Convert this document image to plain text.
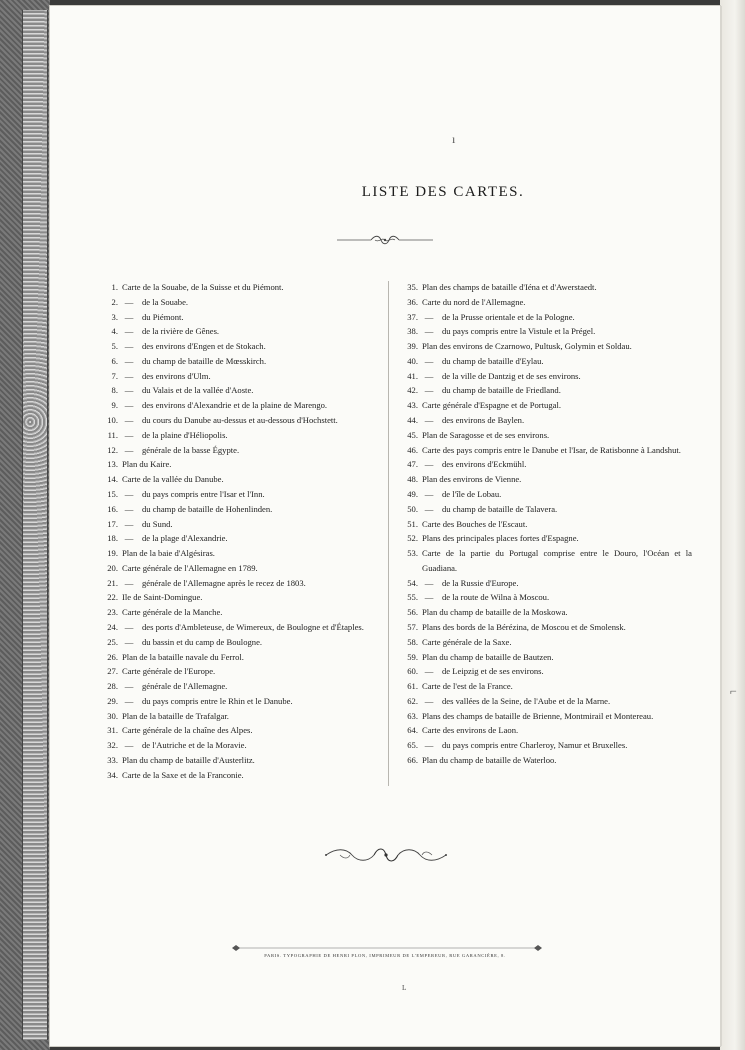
⌐
ı
LISTE DES CARTES.
1. Carte de la Souabe, de la Suisse et du Piémont.
2. — de la Souabe.
3. — du Piémont.
4. — de la rivière de Gênes.
5. — des environs d'Engen et de Stokach.
6. — du champ de bataille de Mœsskirch.
7. — des environs d'Ulm.
8. — du Valais et de la vallée d'Aoste.
9. — des environs d'Alexandrie et de la plaine de Marengo.
10. — du cours du Danube au-dessus et au-dessous d'Hochstett.
11. — de la plaine d'Héliopolis.
12. — générale de la basse Égypte.
13. Plan du Kaire.
14. Carte de la vallée du Danube.
15. — du pays compris entre l'Isar et l'Inn.
16. — du champ de bataille de Hohenlinden.
17. — du Sund.
18. — de la plage d'Alexandrie.
19. Plan de la baie d'Algésiras.
20. Carte générale de l'Allemagne en 1789.
21. — générale de l'Allemagne après le recez de 1803.
22. Ile de Saint-Domingue.
23. Carte générale de la Manche.
24. — des ports d'Ambleteuse, de Wimereux, de Boulogne et d'Étaples.
25. — du bassin et du camp de Boulogne.
26. Plan de la bataille navale du Ferrol.
27. Carte générale de l'Europe.
28. — générale de l'Allemagne.
29. — du pays compris entre le Rhin et le Danube.
30. Plan de la bataille de Trafalgar.
31. Carte générale de la chaîne des Alpes.
32. — de l'Autriche et de la Moravie.
33. Plan du champ de bataille d'Austerlitz.
34. Carte de la Saxe et de la Franconie.
35. Plan des champs de bataille d'Iéna et d'Awerstaedt.
36. Carte du nord de l'Allemagne.
37. — de la Prusse orientale et de la Pologne.
38. — du pays compris entre la Vistule et la Prégel.
39. Plan des environs de Czarnowo, Pultusk, Golymin et Soldau.
40. — du champ de bataille d'Eylau.
41. — de la ville de Dantzig et de ses environs.
42. — du champ de bataille de Friedland.
43. Carte générale d'Espagne et de Portugal.
44. — des environs de Baylen.
45. Plan de Saragosse et de ses environs.
46. Carte des pays compris entre le Danube et l'Isar, de Ratisbonne à Landshut.
47. — des environs d'Eckmühl.
48. Plan des environs de Vienne.
49. — de l'île de Lobau.
50. — du champ de bataille de Talavera.
51. Carte des Bouches de l'Escaut.
52. Plans des principales places fortes d'Espagne.
53. Carte de la partie du Portugal comprise entre le Douro, l'Océan et la Guadiana.
54. — de la Russie d'Europe.
55. — de la route de Wilna à Moscou.
56. Plan du champ de bataille de la Moskowa.
57. Plans des bords de la Bérézina, de Moscou et de Smolensk.
58. Carte générale de la Saxe.
59. Plan du champ de bataille de Bautzen.
60. — de Leipzig et de ses environs.
61. Carte de l'est de la France.
62. — des vallées de la Seine, de l'Aube et de la Marne.
63. Plans des champs de bataille de Brienne, Montmirail et Montereau.
64. Carte des environs de Laon.
65. — du pays compris entre Charleroy, Namur et Bruxelles.
66. Plan du champ de bataille de Waterloo.
PARIS. TYPOGRAPHIE DE HENRI PLON, IMPRIMEUR DE L'EMPEREUR, RUE GARANCIÈRE, 8.
ʟ
